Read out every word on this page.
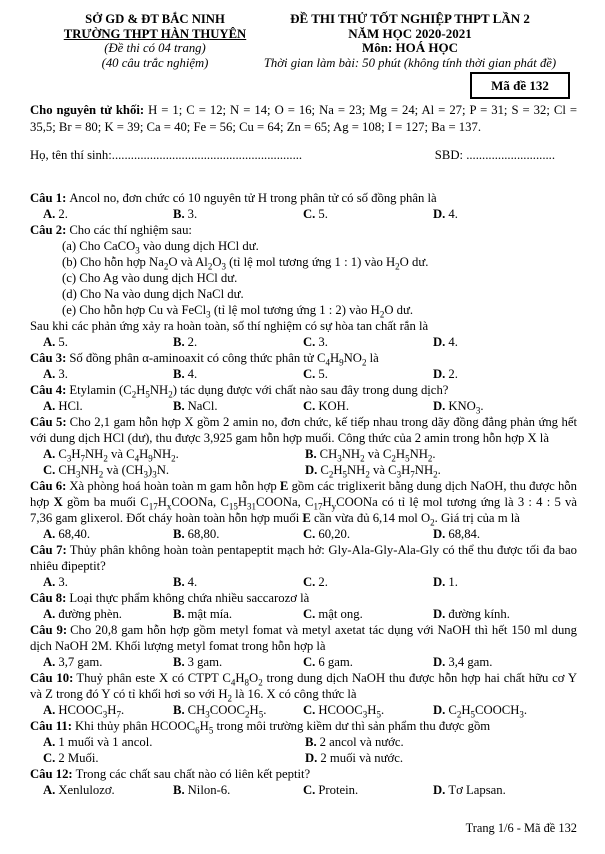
SỞ GD & ĐT BẮC NINH
TRƯỜNG THPT HÀN THUYÊN
(Đề thi có 04 trang)
(40 câu trắc nghiệm)
ĐỀ THI THỬ TỐT NGHIỆP THPT LẦN 2
NĂM HỌC 2020-2021
Môn: HOÁ HỌC
Thời gian làm bài: 50 phút (không tính thời gian phát đề)
Mã đề 132

Cho nguyên tử khối: H = 1; C = 12; N = 14; O = 16; Na = 23; Mg = 24; Al = 27; P = 31; S = 32; Cl = 35,5; Br = 80; K = 39; Ca = 40; Fe = 56; Cu = 64; Zn = 65; Ag = 108; I = 127; Ba = 137.

Họ, tên thí sinh:............................................................	SBD: ............................

Câu 1: Ancol no, đơn chức có 10 nguyên tử H trong phân tử có số đồng phân là

A. 2.	B. 3.	C. 5.	D. 4.

Câu 2: Cho các thí nghiệm sau:

(a) Cho CaCO$_3$ vào dung dịch HCl dư.

(b) Cho hỗn hợp $Na_2O$ và $Al_2O_3$ (tỉ lệ mol tương ứng 1 : 1) vào $H_2O$ dư.

(c) Cho Ag vào dung dịch HCl dư.

(d) Cho Na vào dung dịch NaCl dư.

(e) Cho hỗn hợp Cu và FeCl$_3$ (tỉ lệ mol tương ứng 1 : 2) vào $H_2O$ dư.

Sau khi các phản ứng xảy ra hoàn toàn, số thí nghiệm có sự hòa tan chất rắn là

A. 5.	B. 2.	C. 3.	D. 4.

Câu 3: Số đồng phân α-aminoaxit có công thức phân tử $C_4H_9NO_2$ là

A. 3.	B. 4.	C. 5.	D. 2.

Câu 4: Etylamin $(C_2H_5NH_2)$ tác dụng được với chất nào sau đây trong dung dịch?

A. HCl.	B. NaCl.	C. KOH.	D. $KNO_3$.

Câu 5: Cho 2,1 gam hỗn hợp X gồm 2 amin no, đơn chức, kế tiếp nhau trong dãy đồng đẳng phản ứng hết với dung dịch HCl (dư), thu được 3,925 gam hỗn hợp muối. Công thức của 2 amin trong hỗn hợp X là

A. $C_3H_7NH_2$ và $C_4H_9NH_2$.	B. $CH_3NH_2$ và $C_2H_5NH_2$.

C. $CH_3NH_2$ và $(CH_3)_3N$.	D. $C_2H_5NH_2$ và $C_3H_7NH_2$.

Câu 6: Xà phòng hoá hoàn toàn m gam hỗn hợp E gồm các triglixerit bằng dung dịch NaOH, thu được hỗn hợp X gồm ba muối $C_{17}H_xCOONa$, $C_{15}H_{31}COONa$, $C_{17}H_yCOONa$ có tỉ lệ mol tương ứng là 3 : 4 : 5 và 7,36 gam glixerol. Đốt cháy hoàn toàn hỗn hợp muối E cần vừa đủ 6,14 mol $O_2$. Giá trị của m là

A. 68,40.	B. 68,80.	C. 60,20.	D. 68,84.

Câu 7: Thủy phân không hoàn toàn pentapeptit mạch hở: Gly-Ala-Gly-Ala-Gly có thể thu được tối đa bao nhiêu đipeptit?

A. 3.	B. 4.	C. 2.	D. 1.

Câu 8: Loại thực phẩm không chứa nhiều saccarozơ là

A. đường phèn.	B. mật mía.	C. mật ong.	D. đường kính.

Câu 9: Cho 20,8 gam hỗn hợp gồm metyl fomat và metyl axetat tác dụng với NaOH thì hết 150 ml dung dịch NaOH 2M. Khối lượng metyl fomat trong hỗn hợp là

A. 3,7 gam.	B. 3 gam.	C. 6 gam.	D. 3,4 gam.

Câu 10: Thuỷ phân este X có CTPT $C_4H_8O_2$ trong dung dịch NaOH thu được hỗn hợp hai chất hữu cơ Y và Z trong đó Y có tỉ khối hơi so với $H_2$ là 16. X có công thức là

A. $HCOOC_3H_7$.	B. $CH_3COOC_2H_5$.	C. $HCOOC_3H_5$.	D. $C_2H_5COOCH_3$.

Câu 11: Khi thủy phân $HCOOC_6H_5$ trong môi trường kiềm dư thì sản phẩm thu được gồm

A. 1 muối và 1 ancol.	B. 2 ancol và nước.

C. 2 Muối.	D. 2 muối và nước.

Câu 12: Trong các chất sau chất nào có liên kết peptit?

A. Xenlulozơ.	B. Nilon-6.	C. Protein.	D. Tơ Lapsan.

Trang 1/6 - Mã đề 132
